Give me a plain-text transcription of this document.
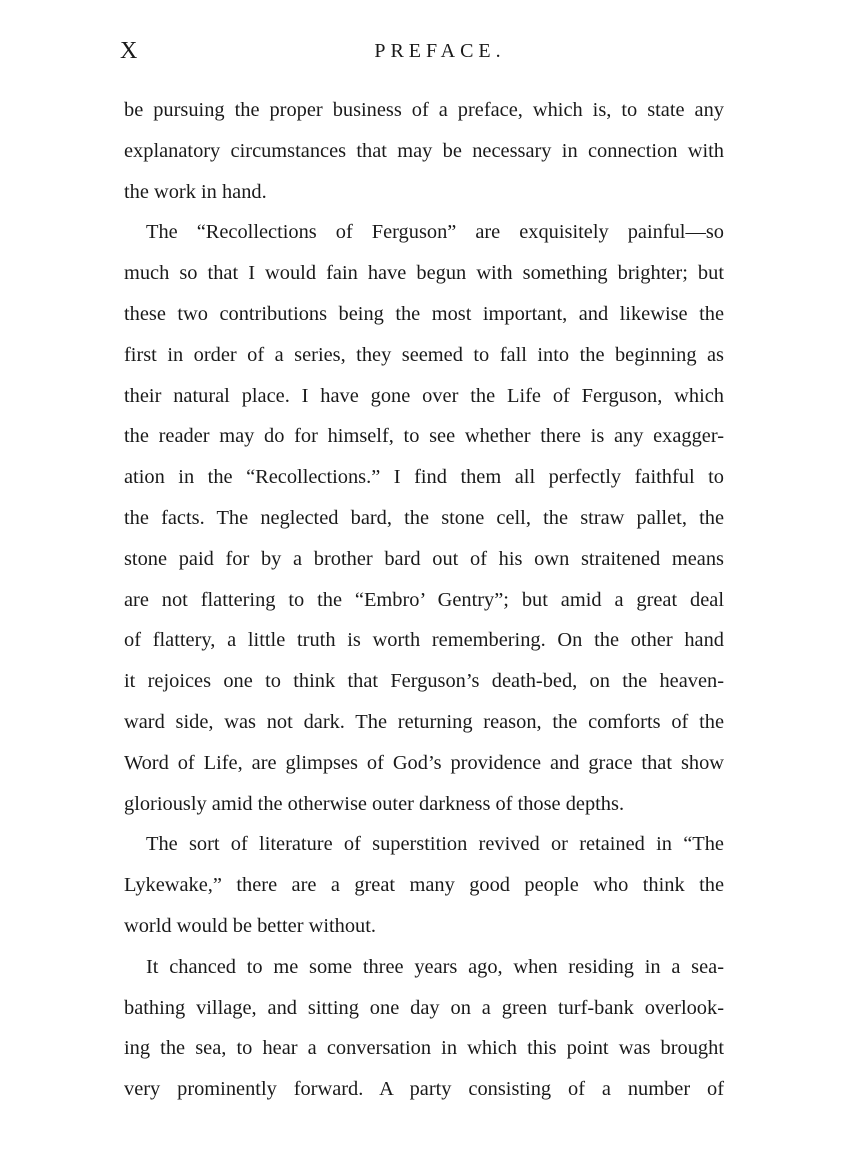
X	PREFACE.
be pursuing the proper business of a preface, which is, to state any
explanatory circumstances that may be necessary in connection with
the work in hand.
The “Recollections of Ferguson” are exquisitely painful—so
much so that I would fain have begun with something brighter; but
these two contributions being the most important, and likewise the
first in order of a series, they seemed to fall into the beginning as
their natural place. I have gone over the Life of Ferguson, which
the reader may do for himself, to see whether there is any exagger-
ation in the “Recollections.” I find them all perfectly faithful to
the facts. The neglected bard, the stone cell, the straw pallet, the
stone paid for by a brother bard out of his own straitened means
are not flattering to the “Embro’ Gentry”; but amid a great deal
of flattery, a little truth is worth remembering. On the other hand
it rejoices one to think that Ferguson’s death-bed, on the heaven-
ward side, was not dark. The returning reason, the comforts of the
Word of Life, are glimpses of God’s providence and grace that show
gloriously amid the otherwise outer darkness of those depths.
The sort of literature of superstition revived or retained in “The
Lykewake,” there are a great many good people who think the
world would be better without.
It chanced to me some three years ago, when residing in a sea-
bathing village, and sitting one day on a green turf-bank overlook-
ing the sea, to hear a conversation in which this point was brought
very prominently forward. A party consisting of a number of
